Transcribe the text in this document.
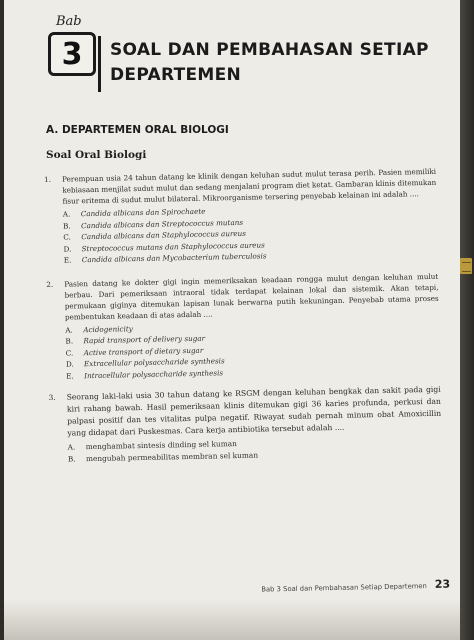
Bab
3	SOAL DAN PEMBAHASAN SETIAP DEPARTEMEN
A. DEPARTEMEN ORAL BIOLOGI
Soal Oral Biologi
1.	Perempuan usia 24 tahun datang ke klinik dengan keluhan sudut mulut terasa perih. Pasien memiliki kebiasaan menjilat sudut mulut dan sedang menjalani program diet ketat. Gambaran klinis ditemukan fisur eritema di sudut mulut bilateral. Mikroorganisme tersering penyebab kelainan ini adalah ....
A.	Candida albicans dan Spirochaete
B.	Candida albicans dan Streptococcus mutans
C.	Candida albicans dan Staphylococcus aureus
D.	Streptococcus mutans dan Staphylococcus aureus
E.	Candida albicans dan Mycobacterium tuberculosis
2.	Pasien datang ke dokter gigi ingin memeriksakan keadaan rongga mulut dengan keluhan mulut berbau. Dari pemeriksaan intraoral tidak terdapat kelainan lokal dan sistemik. Akan tetapi, permukaan giginya ditemukan lapisan lunak berwarna putih kekuningan. Penyebab utama proses pembentukan keadaan di atas adalah ....
A.	Acidogenicity
B.	Rapid transport of delivery sugar
C.	Active transport of dietary sugar
D.	Extracellular polysaccharide synthesis
E.	Intracellular polysaccharide synthesis
3.	Seorang laki-laki usia 30 tahun datang ke RSGM dengan keluhan bengkak dan sakit pada gigi kiri rahang bawah. Hasil pemeriksaan klinis ditemukan gigi 36 karies profunda, perkusi dan palpasi positif dan tes vitalitas pulpa negatif. Riwayat sudah pernah minum obat Amoxicillin yang didapat dari Puskesmas. Cara kerja antibiotika tersebut adalah ....
A.	menghambat sintesis dinding sel kuman
B.	mengubah permeabilitas membran sel kuman
Bab 3 Soal dan Pembahasan Setiap Departemen 23
